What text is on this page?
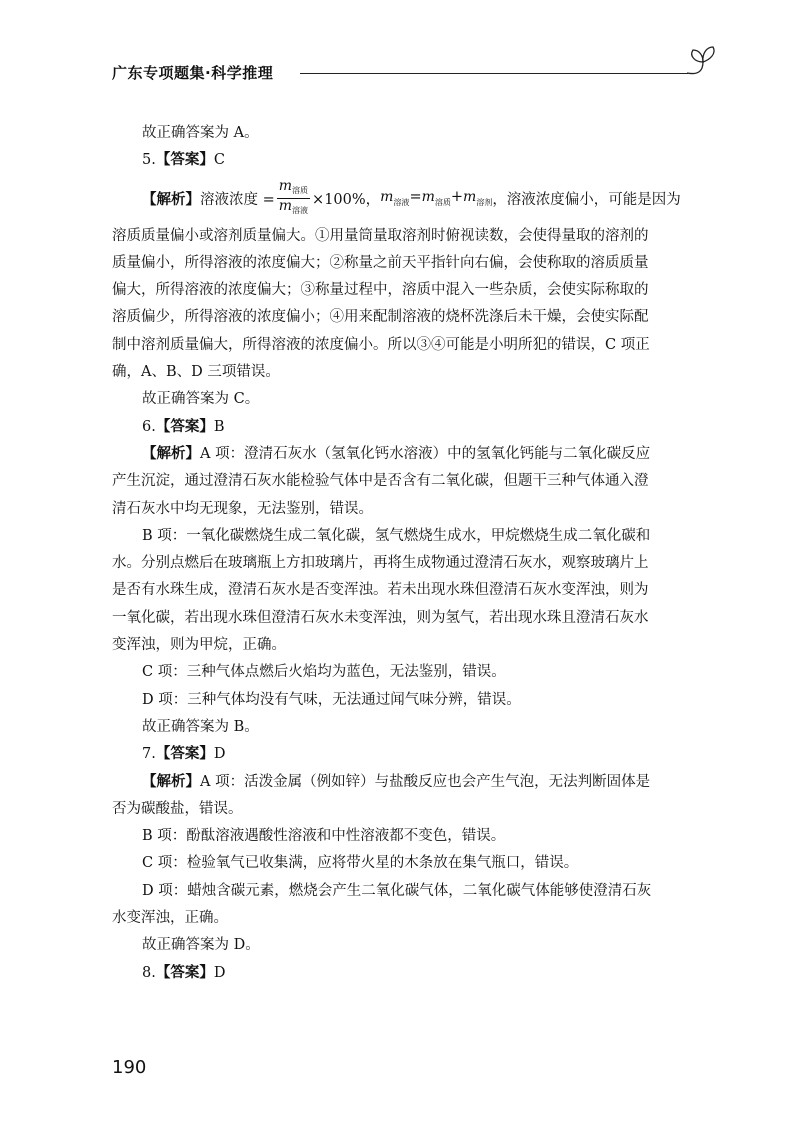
广东专项题集·科学推理
故正确答案为 A。
5.【答案】C
【解析】 溶液浓度 = $\frac{m_{溶质}}{m_{溶液}} \times 100\%$， $m_{溶液}=m_{溶质}+m_{溶剂}$ ，溶液浓度偏小，可能是因为
溶质质量偏小或溶剂质量偏大。①用量筒量取溶剂时俯视读数，会使得量取的溶剂的
质量偏小，所得溶液的浓度偏大；②称量之前天平指针向右偏，会使称取的溶质质量
偏大，所得溶液的浓度偏大；③称量过程中，溶质中混入一些杂质，会使实际称取的
溶质偏少，所得溶液的浓度偏小；④用来配制溶液的烧杯洗涤后未干燥，会使实际配
制中溶剂质量偏大，所得溶液的浓度偏小。所以③④可能是小明所犯的错误，C 项正
确，A、B、D 三项错误。
故正确答案为 C。
6.【答案】B
【解析】A 项：澄清石灰水（氢氧化钙水溶液）中的氢氧化钙能与二氧化碳反应
产生沉淀，通过澄清石灰水能检验气体中是否含有二氧化碳，但题干三种气体通入澄
清石灰水中均无现象，无法鉴别，错误。
B 项：一氧化碳燃烧生成二氧化碳，氢气燃烧生成水，甲烷燃烧生成二氧化碳和
水。分别点燃后在玻璃瓶上方扣玻璃片，再将生成物通过澄清石灰水，观察玻璃片上
是否有水珠生成，澄清石灰水是否变浑浊。若未出现水珠但澄清石灰水变浑浊，则为
一氧化碳，若出现水珠但澄清石灰水未变浑浊，则为氢气，若出现水珠且澄清石灰水
变浑浊，则为甲烷，正确。
C 项：三种气体点燃后火焰均为蓝色，无法鉴别，错误。
D 项：三种气体均没有气味，无法通过闻气味分辨，错误。
故正确答案为 B。
7.【答案】D
【解析】A 项：活泼金属（例如锌）与盐酸反应也会产生气泡，无法判断固体是
否为碳酸盐，错误。
B 项：酚酞溶液遇酸性溶液和中性溶液都不变色，错误。
C 项：检验氧气已收集满，应将带火星的木条放在集气瓶口，错误。
D 项：蜡烛含碳元素，燃烧会产生二氧化碳气体，二氧化碳气体能够使澄清石灰
水变浑浊，正确。
故正确答案为 D。
8.【答案】D
190
